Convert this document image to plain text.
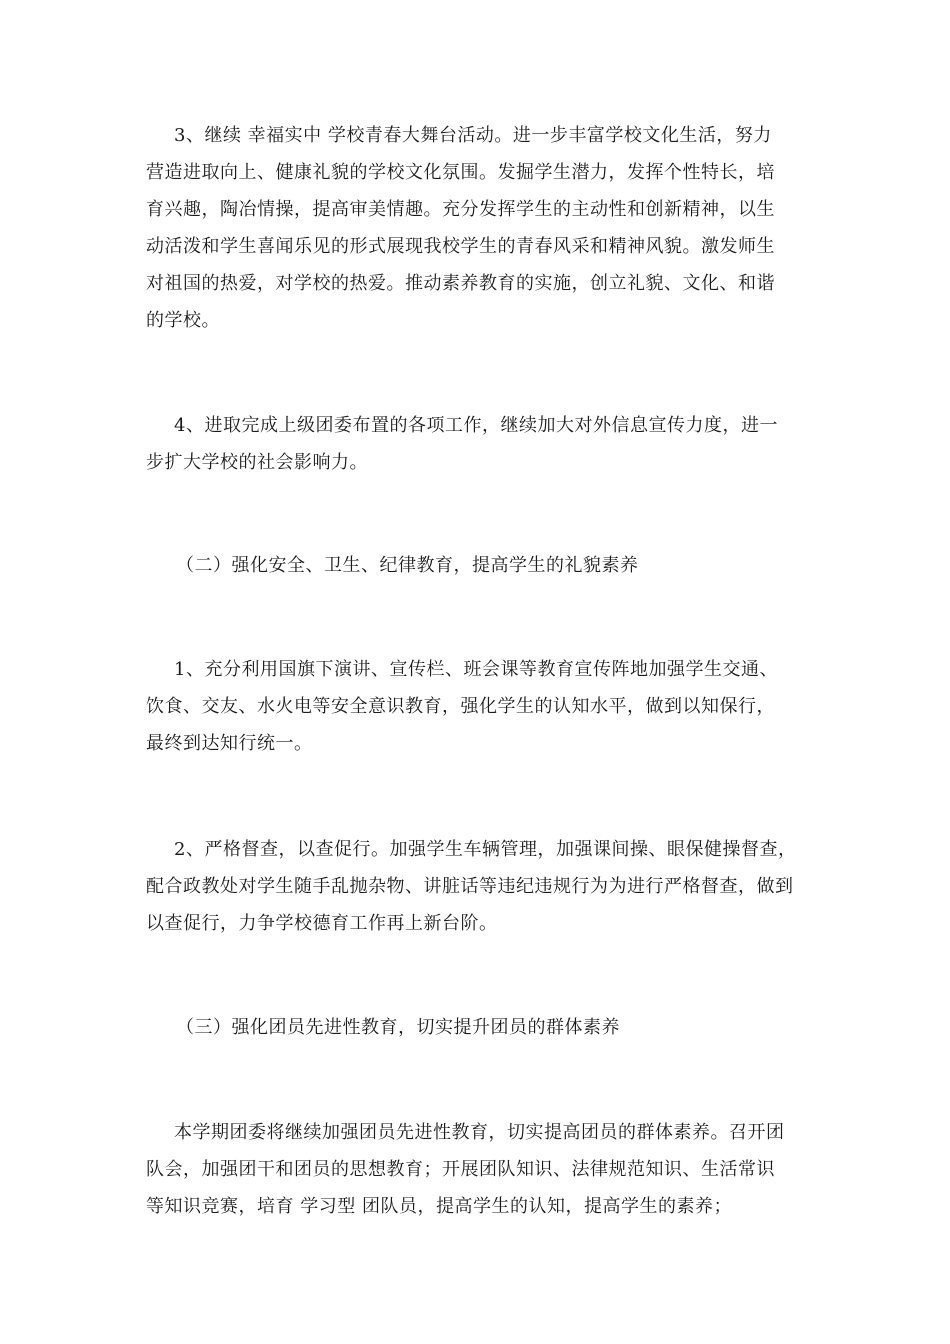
3、继续 幸福实中 学校青春大舞台活动。进一步丰富学校文化生活，努力
营造进取向上、健康礼貌的学校文化氛围。发掘学生潜力，发挥个性特长，培
育兴趣，陶冶情操，提高审美情趣。充分发挥学生的主动性和创新精神，以生
动活泼和学生喜闻乐见的形式展现我校学生的青春风采和精神风貌。激发师生
对祖国的热爱，对学校的热爱。推动素养教育的实施，创立礼貌、文化、和谐
的学校。
4、进取完成上级团委布置的各项工作，继续加大对外信息宣传力度，进一
步扩大学校的社会影响力。
（二）强化安全、卫生、纪律教育，提高学生的礼貌素养
1、充分利用国旗下演讲、宣传栏、班会课等教育宣传阵地加强学生交通、
饮食、交友、水火电等安全意识教育，强化学生的认知水平，做到以知保行，
最终到达知行统一。
2、严格督查，以查促行。加强学生车辆管理，加强课间操、眼保健操督查，
配合政教处对学生随手乱抛杂物、讲脏话等违纪违规行为为进行严格督查，做到
以查促行，力争学校德育工作再上新台阶。
（三）强化团员先进性教育，切实提升团员的群体素养
本学期团委将继续加强团员先进性教育，切实提高团员的群体素养。召开团
队会，加强团干和团员的思想教育；开展团队知识、法律规范知识、生活常识
等知识竞赛，培育 学习型 团队员，提高学生的认知，提高学生的素养；
